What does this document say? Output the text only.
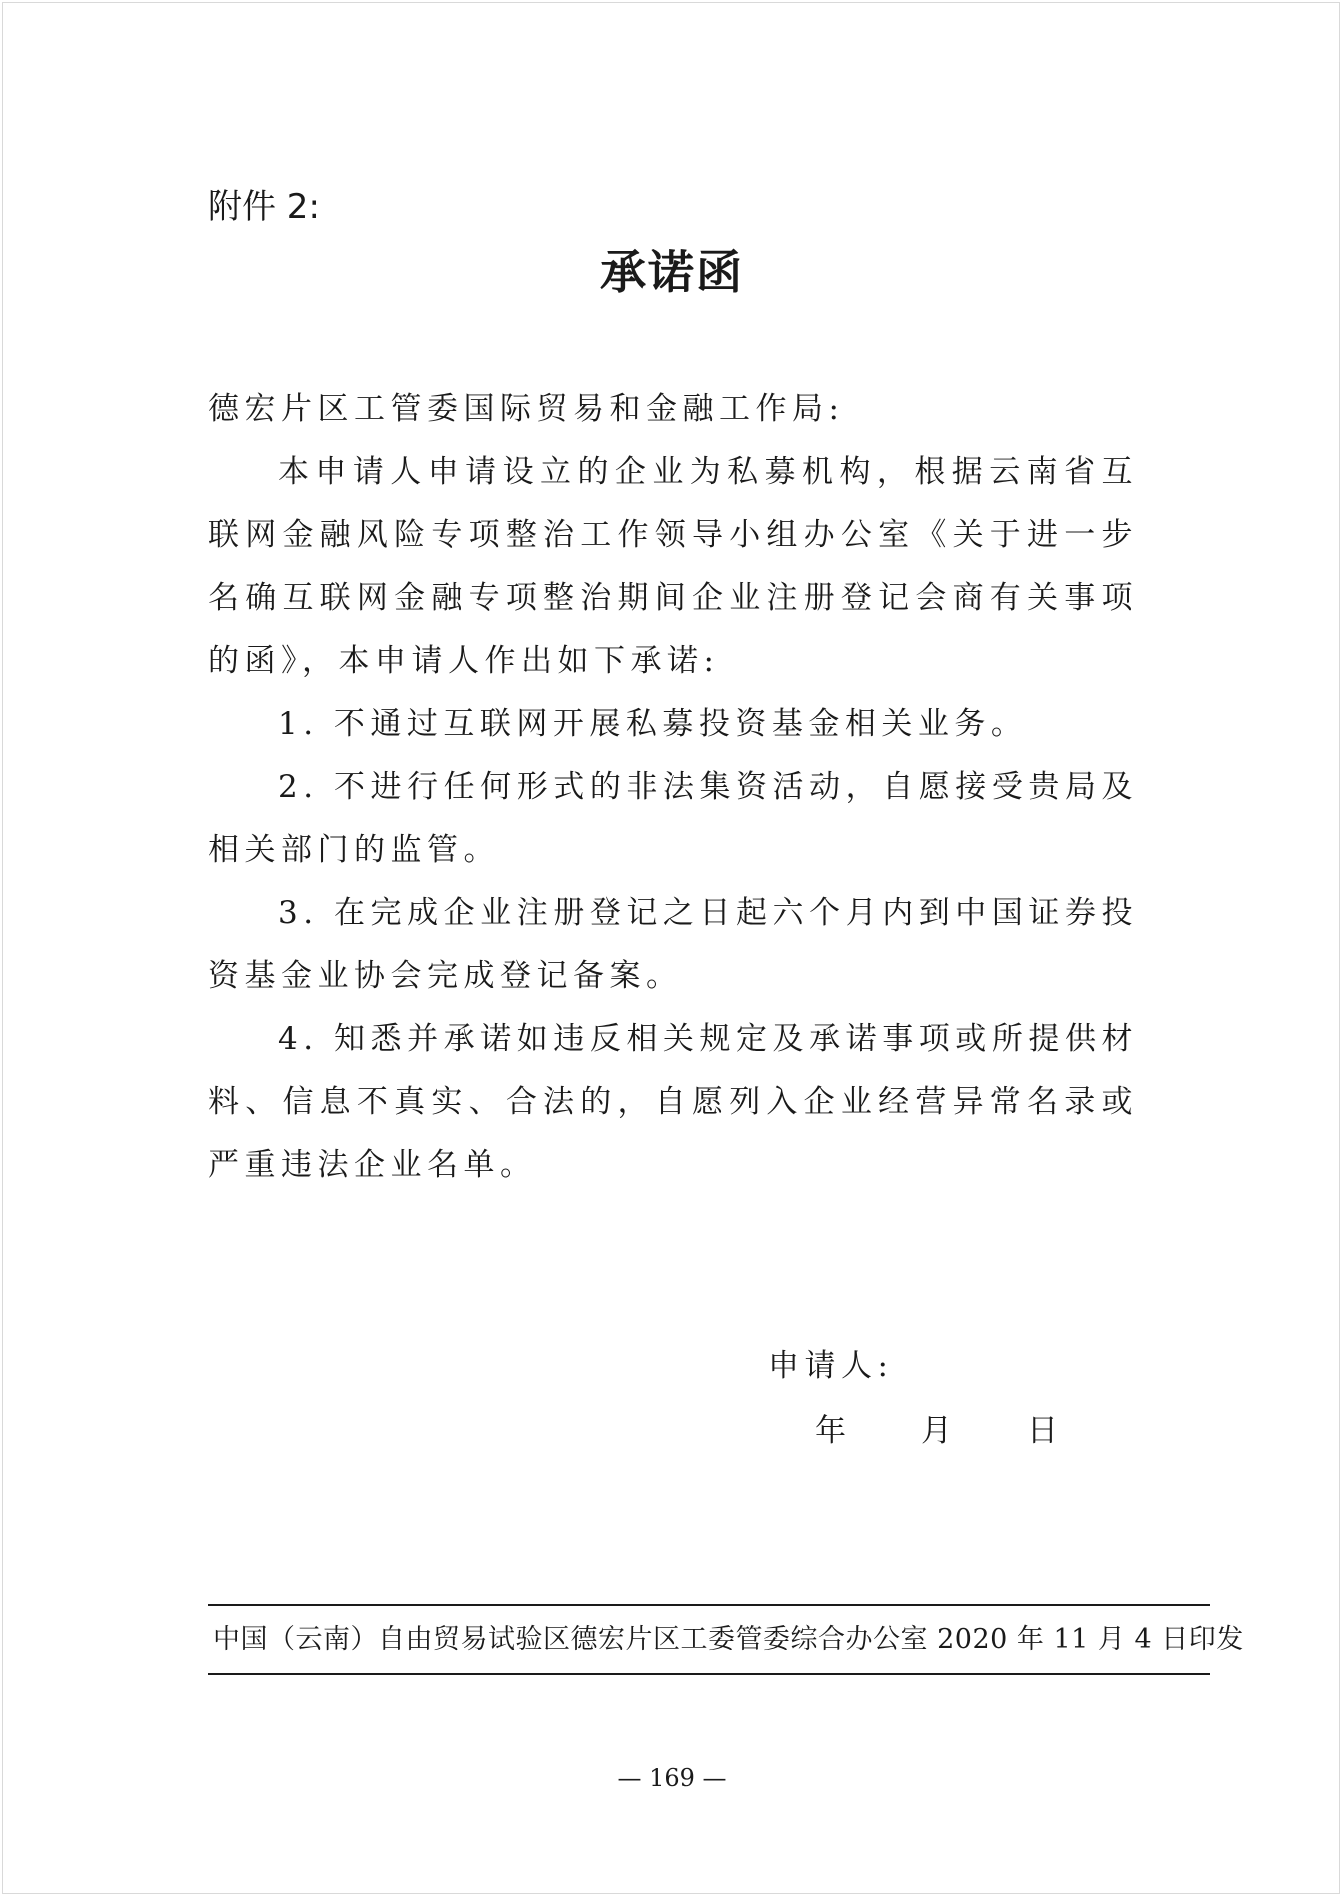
附件 2:
承诺函

德宏片区工管委国际贸易和金融工作局:

本申请人申请设立的企业为私募机构，根据云南省互联网金融风险专项整治工作领导小组办公室《关于进一步名确互联网金融专项整治期间企业注册登记会商有关事项的函》，本申请人作出如下承诺:

1. 不通过互联网开展私募投资基金相关业务。

2. 不进行任何形式的非法集资活动，自愿接受贵局及相关部门的监管。

3. 在完成企业注册登记之日起六个月内到中国证券投资基金业协会完成登记备案。

4. 知悉并承诺如违反相关规定及承诺事项或所提供材料、信息不真实、合法的，自愿列入企业经营异常名录或严重违法企业名单。

申请人:
年 月 日
中国（云南）自由贸易试验区德宏片区工委管委综合办公室 2020 年 11 月 4 日印发
— 169 —
